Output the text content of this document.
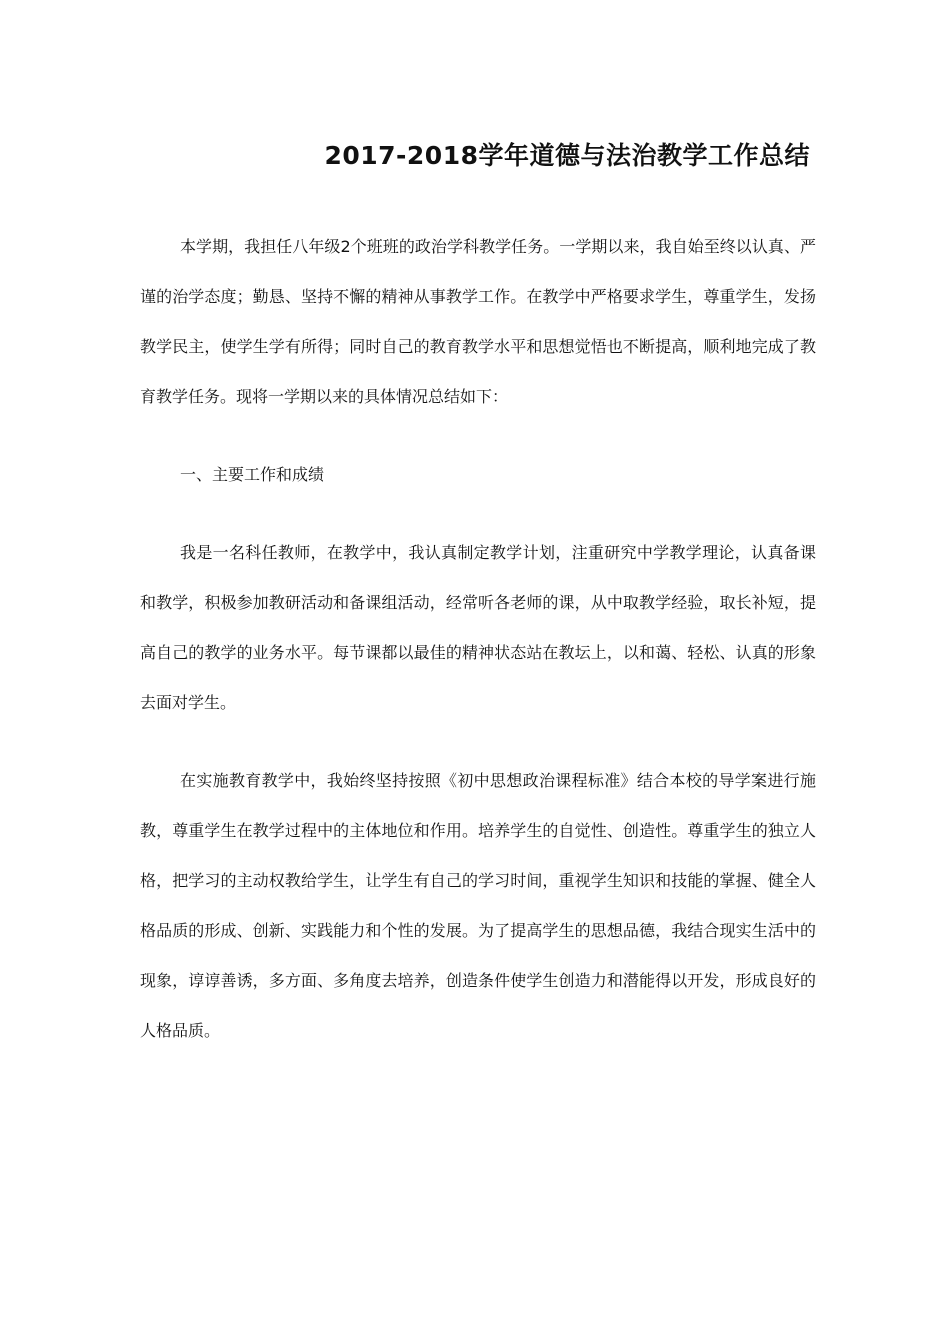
2017-2018学年道德与法治教学工作总结

本学期，我担任八年级2个班班的政治学科教学任务。一学期以来，我自始至终以认真、严谨的治学态度；勤恳、坚持不懈的精神从事教学工作。在教学中严格要求学生，尊重学生，发扬教学民主，使学生学有所得；同时自己的教育教学水平和思想觉悟也不断提高，顺利地完成了教育教学任务。现将一学期以来的具体情况总结如下：

一、主要工作和成绩

我是一名科任教师，在教学中，我认真制定教学计划，注重研究中学教学理论，认真备课和教学，积极参加教研活动和备课组活动，经常听各老师的课，从中取教学经验，取长补短，提高自己的教学的业务水平。每节课都以最佳的精神状态站在教坛上，以和蔼、轻松、认真的形象去面对学生。

在实施教育教学中，我始终坚持按照《初中思想政治课程标准》结合本校的导学案进行施教，尊重学生在教学过程中的主体地位和作用。培养学生的自觉性、创造性。尊重学生的独立人格，把学习的主动权教给学生，让学生有自己的学习时间，重视学生知识和技能的掌握、健全人格品质的形成、创新、实践能力和个性的发展。为了提高学生的思想品德，我结合现实生活中的现象，谆谆善诱，多方面、多角度去培养，创造条件使学生创造力和潜能得以开发，形成良好的人格品质。
